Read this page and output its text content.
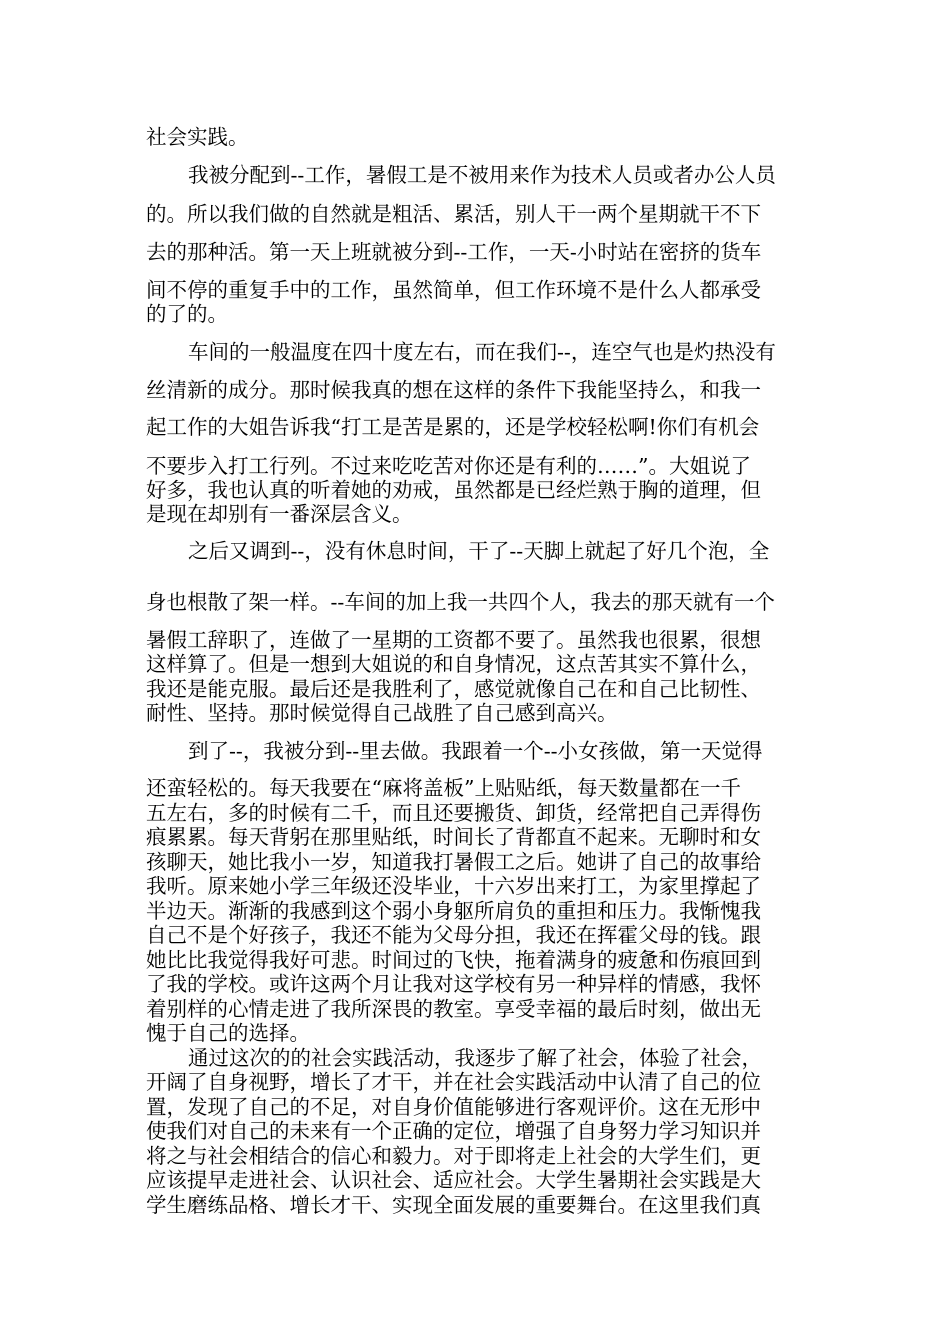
社会实践。
我被分配到--工作，暑假工是不被用来作为技术人员或者办公人员
的。所以我们做的自然就是粗活、累活，别人干一两个星期就干不下
去的那种活。第一天上班就被分到--工作，一天-小时站在密挤的货车
间不停的重复手中的工作，虽然简单，但工作环境不是什么人都承受
的了的。
车间的一般温度在四十度左右，而在我们--，连空气也是灼热没有
丝清新的成分。那时候我真的想在这样的条件下我能坚持么，和我一
起工作的大姐告诉我“打工是苦是累的，还是学校轻松啊!你们有机会
不要步入打工行列。不过来吃吃苦对你还是有利的……”。大姐说了
好多，我也认真的听着她的劝戒，虽然都是已经烂熟于胸的道理，但
是现在却别有一番深层含义。
之后又调到--，没有休息时间，干了--天脚上就起了好几个泡，全
身也根散了架一样。--车间的加上我一共四个人，我去的那天就有一个
暑假工辞职了，连做了一星期的工资都不要了。虽然我也很累，很想
这样算了。但是一想到大姐说的和自身情况，这点苦其实不算什么，
我还是能克服。最后还是我胜利了，感觉就像自己在和自己比韧性、
耐性、坚持。那时候觉得自己战胜了自己感到高兴。
到了--，我被分到--里去做。我跟着一个--小女孩做，第一天觉得
还蛮轻松的。每天我要在“麻将盖板”上贴贴纸，每天数量都在一千
五左右，多的时候有二千，而且还要搬货、卸货，经常把自己弄得伤
痕累累。每天背躬在那里贴纸，时间长了背都直不起来。无聊时和女
孩聊天，她比我小一岁，知道我打暑假工之后。她讲了自己的故事给
我听。原来她小学三年级还没毕业，十六岁出来打工，为家里撑起了
半边天。渐渐的我感到这个弱小身躯所肩负的重担和压力。我惭愧我
自己不是个好孩子，我还不能为父母分担，我还在挥霍父母的钱。跟
她比比我觉得我好可悲。时间过的飞快，拖着满身的疲惫和伤痕回到
了我的学校。或许这两个月让我对这学校有另一种异样的情感，我怀
着别样的心情走进了我所深畏的教室。享受幸福的最后时刻，做出无
愧于自己的选择。
通过这次的的社会实践活动，我逐步了解了社会，体验了社会，
开阔了自身视野，增长了才干，并在社会实践活动中认清了自己的位
置，发现了自己的不足，对自身价值能够进行客观评价。这在无形中
使我们对自己的未来有一个正确的定位，增强了自身努力学习知识并
将之与社会相结合的信心和毅力。对于即将走上社会的大学生们，更
应该提早走进社会、认识社会、适应社会。大学生暑期社会实践是大
学生磨练品格、增长才干、实现全面发展的重要舞台。在这里我们真
